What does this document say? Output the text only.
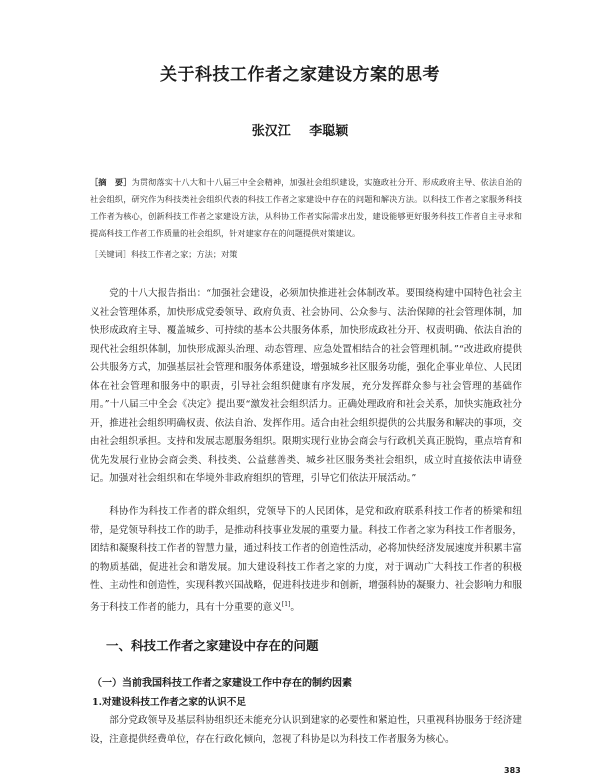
关于科技工作者之家建设方案的思考
张汉江 李聪颖
［摘　要］为贯彻落实十八大和十八届三中全会精神，加强社会组织建设，实施政社分开、形成政府主导、依法自治的社会组织，研究作为科技类社会组织代表的科技工作者之家建设中存在的问题和解决方法。以科技工作者之家服务科技工作者为核心，创新科技工作者之家建设方法，从科协工作者实际需求出发，建设能够更好服务科技工作者自主寻求和提高科技工作者工作质量的社会组织，针对建家存在的问题提供对策建议。
［关键词］科技工作者之家；方法；对策

党的十八大报告指出：“加强社会建设，必须加快推进社会体制改革。要围绕构建中国特色社会主义社会管理体系，加快形成党委领导、政府负责、社会协同、公众参与、法治保障的社会管理体制，加快形成政府主导、覆盖城乡、可持续的基本公共服务体系，加快形成政社分开、权责明确、依法自治的现代社会组织体制，加快形成源头治理、动态管理、应急处置相结合的社会管理机制。”“改进政府提供公共服务方式，加强基层社会管理和服务体系建设，增强城乡社区服务功能，强化企事业单位、人民团体在社会管理和服务中的职责，引导社会组织健康有序发展，充分发挥群众参与社会管理的基础作用。”十八届三中全会《决定》提出要“激发社会组织活力。正确处理政府和社会关系，加快实施政社分开，推进社会组织明确权责、依法自治、发挥作用。适合由社会组织提供的公共服务和解决的事项，交由社会组织承担。支持和发展志愿服务组织。限期实现行业协会商会与行政机关真正脱钩，重点培育和优先发展行业协会商会类、科技类、公益慈善类、城乡社区服务类社会组织，成立时直接依法申请登记。加强对社会组织和在华境外非政府组织的管理，引导它们依法开展活动。”

科协作为科技工作者的群众组织，党领导下的人民团体，是党和政府联系科技工作者的桥梁和纽带，是党领导科技工作的助手，是推动科技事业发展的重要力量。科技工作者之家为科技工作者服务，团结和凝聚科技工作者的智慧力量，通过科技工作者的创造性活动，必将加快经济发展速度并积累丰富的物质基础，促进社会和谐发展。加大建设科技工作者之家的力度，对于调动广大科技工作者的积极性、主动性和创造性，实现科教兴国战略，促进科技进步和创新，增强科协的凝聚力、社会影响力和服务于科技工作者的能力，具有十分重要的意义[1]。

一、科技工作者之家建设中存在的问题
（一）当前我国科技工作者之家建设工作中存在的制约因素
1.对建设科技工作者之家的认识不足

部分党政领导及基层科协组织还未能充分认识到建家的必要性和紧迫性，只重视科协服务于经济建设，注意提供经费单位，存在行政化倾向，忽视了科协是以为科技工作者服务为核心。

383
